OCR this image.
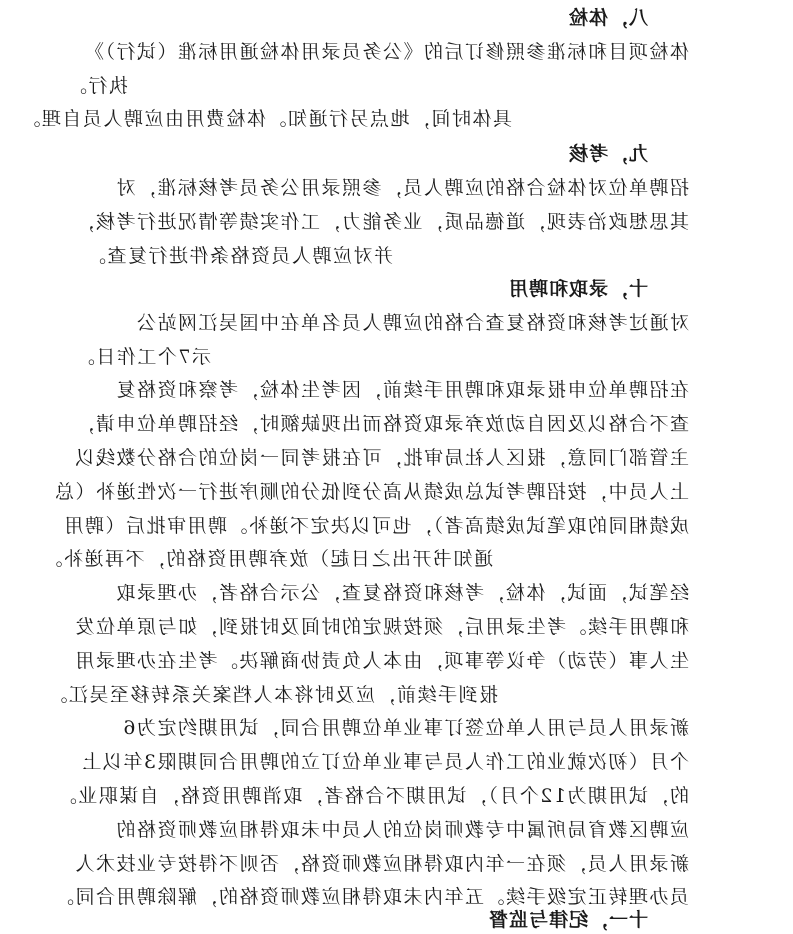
八，体检
体检项目和标准参照修订后的《公务员录用体检通用标准（试行）》
执行。
具体时间，地点另行通知。体检费用由应聘人员自理。
九，考核
招聘单位对体检合格的应聘人员，参照录用公务员考核标准，对
其思想政治表现，道德品质，业务能力，工作实绩等情况进行考核，
并对应聘人员资格条件进行复查。
十，录取和聘用
对通过考核和资格复查合格的应聘人员名单在中国吴江网站公
示7个工作日。
在招聘单位申报录取和聘用手续前，因考生体检，考察和资格复
查不合格以及因自动放弃录取资格而出现缺额时，经招聘单位申请，
主管部门同意，报区人社局审批，可在报考同一岗位的合格分数线以
上人员中，按招聘考试总成绩从高分到低分的顺序进行一次性递补（总
成绩相同的取笔试成绩高者），也可以决定不递补。聘用审批后（聘用
通知书开出之日起）放弃聘用资格的，不再递补。
经笔试，面试，体检，考核和资格复查，公示合格者，办理录取
和聘用手续。考生录用后，须按规定的时间及时报到，如与原单位发
生人事（劳动）争议等事项，由本人负责协商解决。考生在办理录用
报到手续前，应及时将本人档案关系转移至吴江。
新录用人员与用人单位签订事业单位聘用合同，试用期约定为6
个月（初次就业的工作人员与事业单位订立的聘用合同期限3年以上
的，试用期为12个月），试用期不合格者，取消聘用资格，自谋职业。
应聘区教育局所属中专教师岗位的人员中未取得相应教师资格的
新录用人员，须在一年内取得相应教师资格，否则不得按专业技术人
员办理转正定级手续。五年内未取得相应教师资格的，解除聘用合同。
十一，纪律与监督
